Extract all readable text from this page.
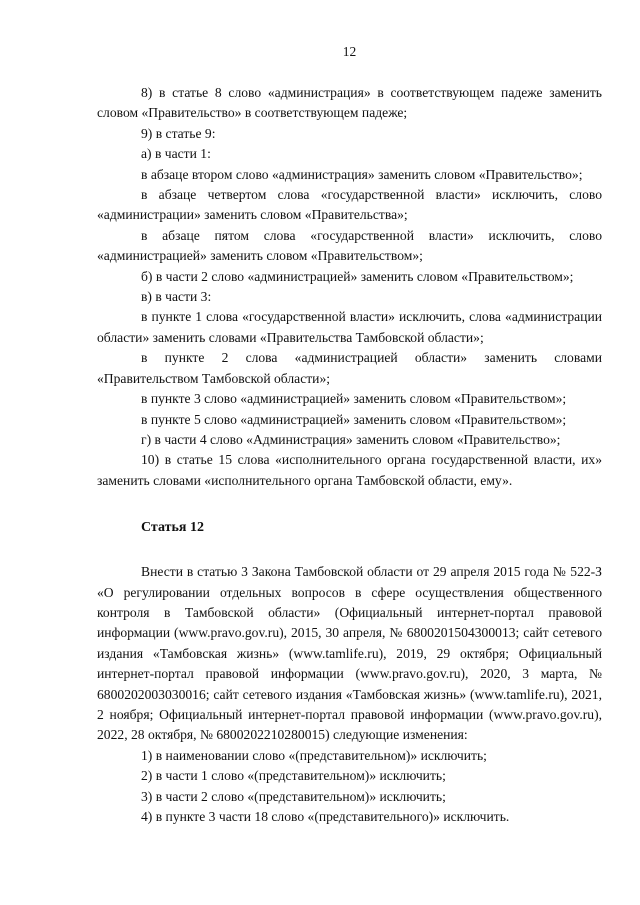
12

8) в статье 8 слово «администрация» в соответствующем падеже заменить словом «Правительство» в соответствующем падеже;

9) в статье 9:

а) в части 1:

в абзаце втором слово «администрация» заменить словом «Правительство»;

в абзаце четвертом слова «государственной власти» исключить, слово «администрации» заменить словом «Правительства»;

в абзаце пятом слова «государственной власти» исключить, слово «администрацией» заменить словом «Правительством»;

б) в части 2 слово «администрацией» заменить словом «Правительством»;

в) в части 3:

в пункте 1 слова «государственной власти» исключить, слова «администрации области» заменить словами «Правительства Тамбовской области»;

в пункте 2 слова «администрацией области» заменить словами «Правительством Тамбовской области»;

в пункте 3 слово «администрацией» заменить словом «Правительством»;

в пункте 5 слово «администрацией» заменить словом «Правительством»;

г) в части 4 слово «Администрация» заменить словом «Правительство»;

10) в статье 15 слова «исполнительного органа государственной власти, их» заменить словами «исполнительного органа Тамбовской области, ему».

Статья 12

Внести в статью 3 Закона Тамбовской области от 29 апреля 2015 года № 522-З «О регулировании отдельных вопросов в сфере осуществления общественного контроля в Тамбовской области» (Официальный интернет-портал правовой информации (www.pravo.gov.ru), 2015, 30 апреля, № 6800201504300013; сайт сетевого издания «Тамбовская жизнь» (www.tamlife.ru), 2019, 29 октября; Официальный интернет-портал правовой информации (www.pravo.gov.ru), 2020, 3 марта, № 6800202003030016; сайт сетевого издания «Тамбовская жизнь» (www.tamlife.ru), 2021, 2 ноября; Официальный интернет-портал правовой информации (www.pravo.gov.ru), 2022, 28 октября, № 6800202210280015) следующие изменения:

1) в наименовании слово «(представительном)» исключить;

2) в части 1 слово «(представительном)» исключить;

3) в части 2 слово «(представительном)» исключить;

4) в пункте 3 части 18 слово «(представительного)» исключить.
